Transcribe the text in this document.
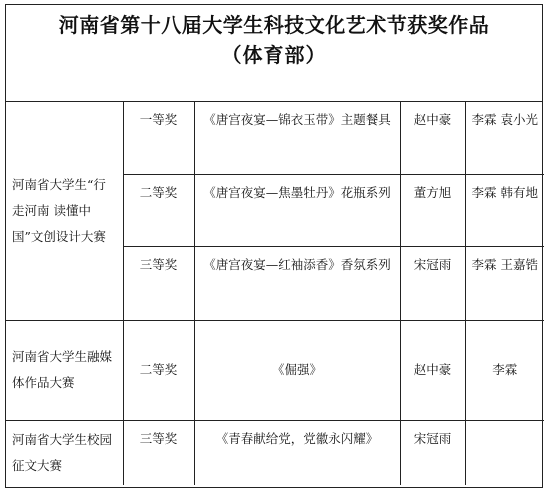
河南省第十八届大学生科技文化艺术节获奖作品
（体育部）
河南省大学生“行走河南 读懂中国”文创设计大赛	一等奖	《唐宫夜宴—锦衣玉带》主题餐具	赵中豪	李霖 袁小光
	二等奖	《唐宫夜宴—焦墨牡丹》花瓶系列	董方旭	李霖 韩有地
	三等奖	《唐宫夜宴—红袖添香》香氛系列	宋冠雨	李霖 王嘉锆
河南省大学生融媒体作品大赛	二等奖	《倔强》	赵中豪	李霖
河南省大学生校园征文大赛	三等奖	《青春献给党，党徽永闪耀》	宋冠雨	
